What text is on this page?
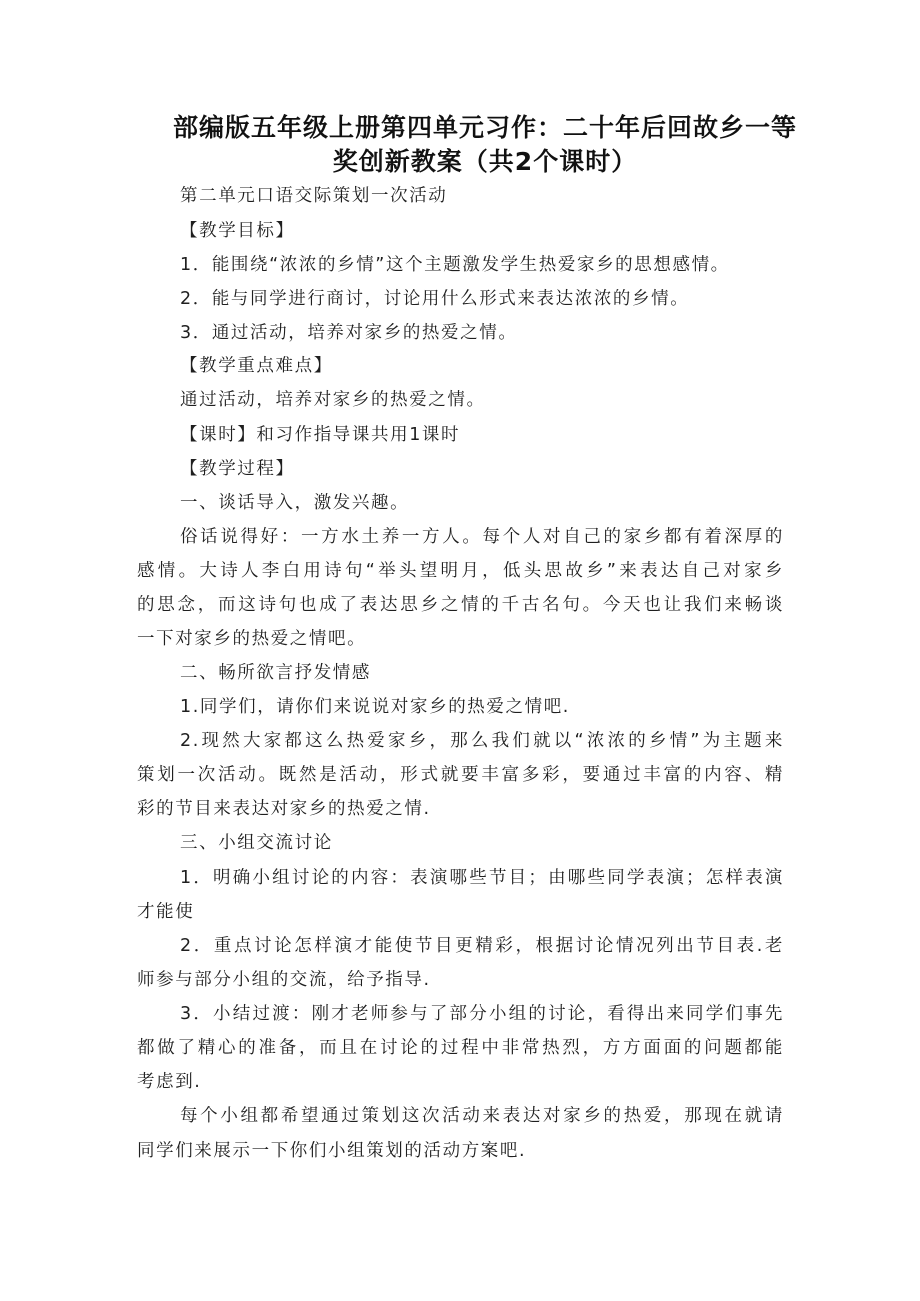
部编版五年级上册第四单元习作：二十年后回故乡一等
奖创新教案（共2个课时）
第二单元口语交际策划一次活动
【教学目标】
1．能围绕“浓浓的乡情”这个主题激发学生热爱家乡的思想感情。
2．能与同学进行商讨，讨论用什么形式来表达浓浓的乡情。
3．通过活动，培养对家乡的热爱之情。
【教学重点难点】
通过活动，培养对家乡的热爱之情。
【课时】和习作指导课共用1课时
【教学过程】
一、谈话导入，激发兴趣。
俗话说得好：一方水土养一方人。每个人对自己的家乡都有着深厚的
感情。大诗人李白用诗句“举头望明月，低头思故乡”来表达自己对家乡
的思念，而这诗句也成了表达思乡之情的千古名句。今天也让我们来畅谈
一下对家乡的热爱之情吧。
二、畅所欲言抒发情感
1.同学们，请你们来说说对家乡的热爱之情吧.
2.现然大家都这么热爱家乡，那么我们就以“浓浓的乡情”为主题来
策划一次活动。既然是活动，形式就要丰富多彩，要通过丰富的内容、精
彩的节目来表达对家乡的热爱之情.
三、小组交流讨论
1．明确小组讨论的内容：表演哪些节目；由哪些同学表演；怎样表演
才能使
2．重点讨论怎样演才能使节目更精彩，根据讨论情况列出节目表.老
师参与部分小组的交流，给予指导.
3．小结过渡：刚才老师参与了部分小组的讨论，看得出来同学们事先
都做了精心的准备，而且在讨论的过程中非常热烈，方方面面的问题都能
考虑到.
每个小组都希望通过策划这次活动来表达对家乡的热爱，那现在就请
同学们来展示一下你们小组策划的活动方案吧.
